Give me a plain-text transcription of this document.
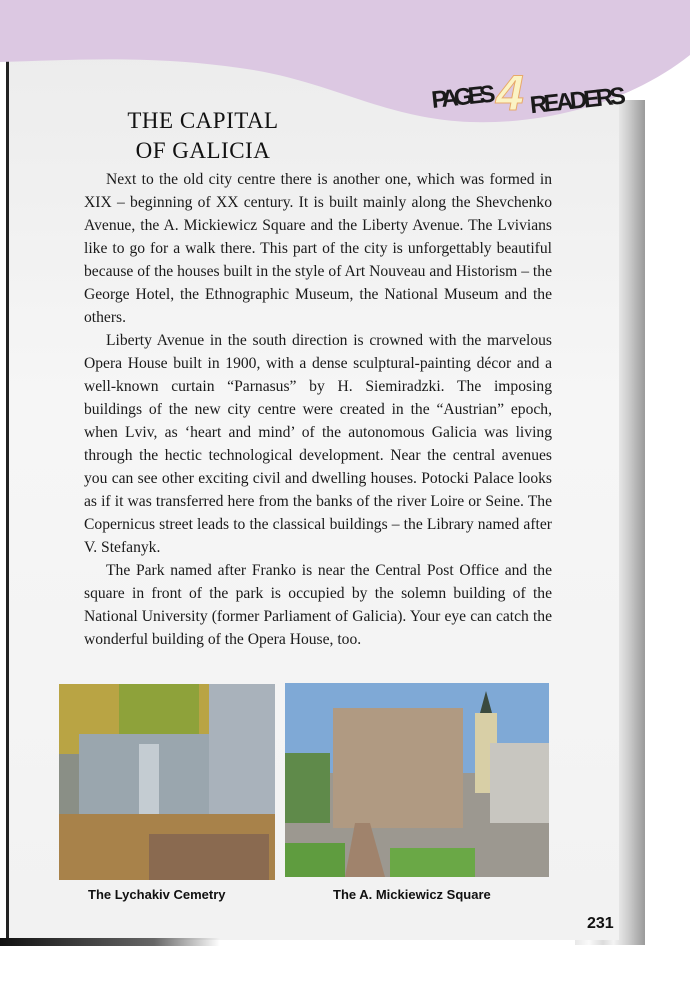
PAGES 4 READERS
THE CAPITAL
OF GALICIA

Next to the old city centre there is another one, which was formed in XIX – beginning of XX century. It is built mainly along the Shevchenko Avenue, the A. Mickiewicz Square and the Liberty Avenue. The Lvivians like to go for a walk there. This part of the city is unforgettably beautiful because of the houses built in the style of Art Nouveau and Historism – the George Hotel, the Ethnographic Museum, the National Museum and the others.

Liberty Avenue in the south direction is crowned with the marvelous Opera House built in 1900, with a dense sculptural-painting décor and a well-known curtain “Parnasus” by H. Siemiradzki. The imposing buildings of the new city centre were created in the “Austrian” epoch, when Lviv, as ‘heart and mind’ of the autonomous Galicia was living through the hectic technological development. Near the central avenues you can see other exciting civil and dwelling houses. Potocki Palace looks as if it was transferred here from the banks of the river Loire or Seine. The Copernicus street leads to the classical buildings – the Library named after V. Stefanyk.

The Park named after Franko is near the Central Post Office and the square in front of the park is occupied by the solemn building of the National University (former Parliament of Galicia). Your eye can catch the wonderful building of the Opera House, too.

The Lychakiv Cemetry	The A. Mickiewicz Square
231
